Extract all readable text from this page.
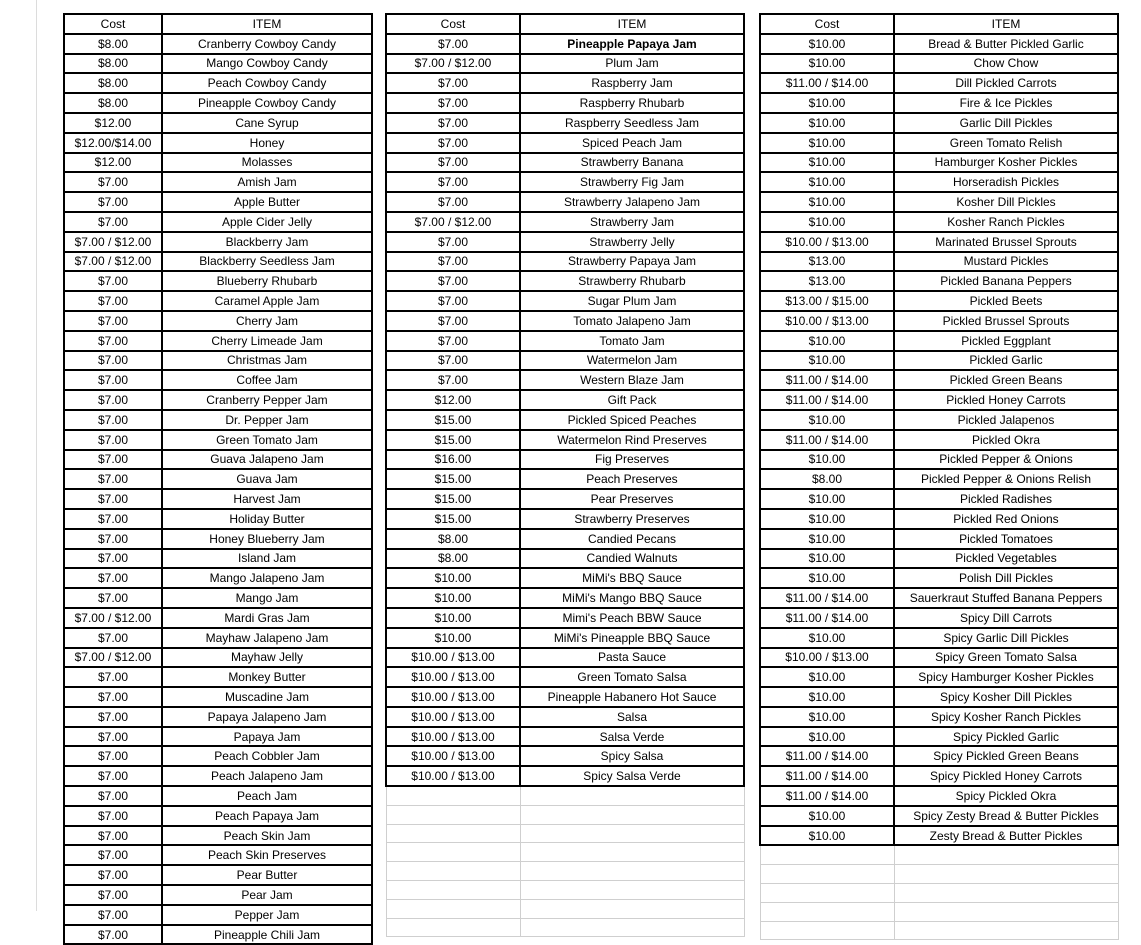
Cost	ITEM
$8.00	Cranberry Cowboy Candy
$8.00	Mango Cowboy Candy
$8.00	Peach Cowboy Candy
$8.00	Pineapple Cowboy Candy
$12.00	Cane Syrup
$12.00/$14.00	Honey
$12.00	Molasses
$7.00	Amish Jam
$7.00	Apple Butter
$7.00	Apple Cider Jelly
$7.00 / $12.00	Blackberry Jam
$7.00 / $12.00	Blackberry Seedless Jam
$7.00	Blueberry Rhubarb
$7.00	Caramel Apple Jam
$7.00	Cherry Jam
$7.00	Cherry Limeade Jam
$7.00	Christmas Jam
$7.00	Coffee Jam
$7.00	Cranberry Pepper Jam
$7.00	Dr. Pepper Jam
$7.00	Green Tomato Jam
$7.00	Guava Jalapeno Jam
$7.00	Guava Jam
$7.00	Harvest Jam
$7.00	Holiday Butter
$7.00	Honey Blueberry Jam
$7.00	Island Jam
$7.00	Mango Jalapeno Jam
$7.00	Mango Jam
$7.00 / $12.00	Mardi Gras Jam
$7.00	Mayhaw Jalapeno Jam
$7.00 / $12.00	Mayhaw Jelly
$7.00	Monkey Butter
$7.00	Muscadine Jam
$7.00	Papaya Jalapeno Jam
$7.00	Papaya Jam
$7.00	Peach Cobbler Jam
$7.00	Peach Jalapeno Jam
$7.00	Peach Jam
$7.00	Peach Papaya Jam
$7.00	Peach Skin Jam
$7.00	Peach Skin Preserves
$7.00	Pear Butter
$7.00	Pear Jam
$7.00	Pepper Jam
$7.00	Pineapple Chili Jam
Cost	ITEM
$7.00	Pineapple Papaya Jam
$7.00 / $12.00	Plum Jam
$7.00	Raspberry Jam
$7.00	Raspberry Rhubarb
$7.00	Raspberry Seedless Jam
$7.00	Spiced Peach Jam
$7.00	Strawberry Banana
$7.00	Strawberry Fig Jam
$7.00	Strawberry Jalapeno Jam
$7.00 / $12.00	Strawberry Jam
$7.00	Strawberry Jelly
$7.00	Strawberry Papaya Jam
$7.00	Strawberry Rhubarb
$7.00	Sugar Plum Jam
$7.00	Tomato Jalapeno Jam
$7.00	Tomato Jam
$7.00	Watermelon Jam
$7.00	Western Blaze Jam
$12.00	Gift Pack
$15.00	Pickled Spiced Peaches
$15.00	Watermelon Rind Preserves
$16.00	Fig Preserves
$15.00	Peach Preserves
$15.00	Pear Preserves
$15.00	Strawberry Preserves
$8.00	Candied Pecans
$8.00	Candied Walnuts
$10.00	MiMi's BBQ Sauce
$10.00	MiMi's Mango BBQ Sauce
$10.00	Mimi's Peach BBW Sauce
$10.00	MiMi's Pineapple BBQ Sauce
$10.00 / $13.00	Pasta Sauce
$10.00 / $13.00	Green Tomato Salsa
$10.00 / $13.00	Pineapple Habanero Hot Sauce
$10.00 / $13.00	Salsa
$10.00 / $13.00	Salsa Verde
$10.00 / $13.00	Spicy Salsa
$10.00 / $13.00	Spicy Salsa Verde

Cost	ITEM
$10.00	Bread & Butter Pickled Garlic
$10.00	Chow Chow
$11.00 / $14.00	Dill Pickled Carrots
$10.00	Fire & Ice Pickles
$10.00	Garlic Dill Pickles
$10.00	Green Tomato Relish
$10.00	Hamburger Kosher Pickles
$10.00	Horseradish Pickles
$10.00	Kosher Dill Pickles
$10.00	Kosher Ranch Pickles
$10.00 / $13.00	Marinated Brussel Sprouts
$13.00	Mustard Pickles
$13.00	Pickled Banana Peppers
$13.00 / $15.00	Pickled Beets
$10.00 / $13.00	Pickled Brussel Sprouts
$10.00	Pickled Eggplant
$10.00	Pickled Garlic
$11.00 / $14.00	Pickled Green Beans
$11.00 / $14.00	Pickled Honey Carrots
$10.00	Pickled Jalapenos
$11.00 / $14.00	Pickled Okra
$10.00	Pickled Pepper & Onions
$8.00	Pickled Pepper & Onions Relish
$10.00	Pickled Radishes
$10.00	Pickled Red Onions
$10.00	Pickled Tomatoes
$10.00	Pickled Vegetables
$10.00	Polish Dill Pickles
$11.00 / $14.00	Sauerkraut Stuffed Banana Peppers
$11.00 / $14.00	Spicy Dill Carrots
$10.00	Spicy Garlic Dill Pickles
$10.00 / $13.00	Spicy Green Tomato Salsa
$10.00	Spicy Hamburger Kosher Pickles
$10.00	Spicy Kosher Dill Pickles
$10.00	Spicy Kosher Ranch Pickles
$10.00	Spicy Pickled Garlic
$11.00 / $14.00	Spicy Pickled Green Beans
$11.00 / $14.00	Spicy Pickled Honey Carrots
$11.00 / $14.00	Spicy Pickled Okra
$10.00	Spicy Zesty Bread & Butter Pickles
$10.00	Zesty Bread & Butter Pickles
